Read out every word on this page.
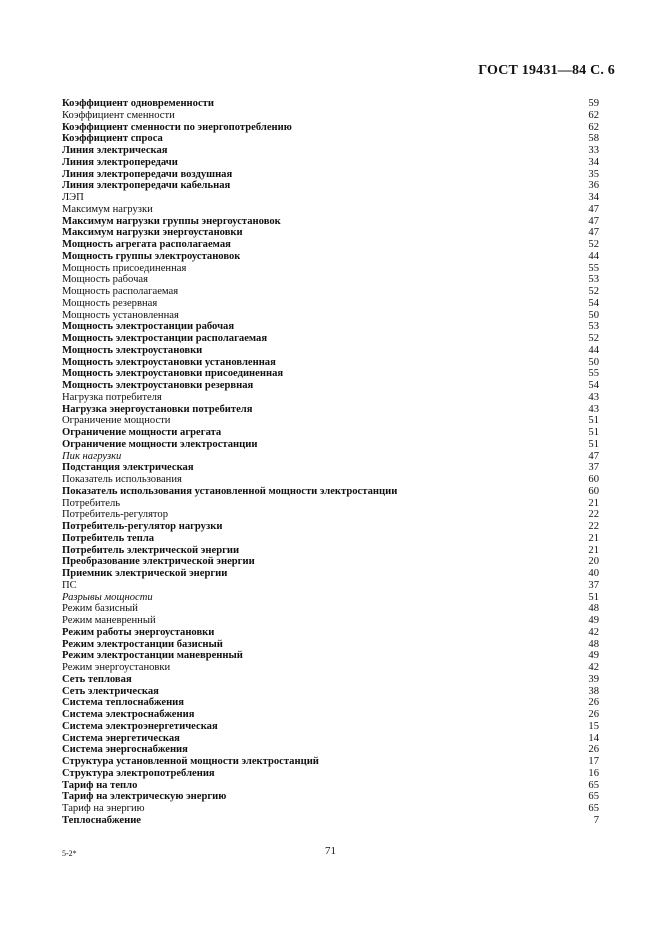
ГОСТ 19431—84 С. 6
Коэффициент одновременности	59
Коэффициент сменности	62
Коэффициент сменности по энергопотреблению	62
Коэффициент спроса	58
Линия электрическая	33
Линия электропередачи	34
Линия электропередачи воздушная	35
Линия электропередачи кабельная	36
ЛЭП	34
Максимум нагрузки	47
Максимум нагрузки группы энергоустановок	47
Максимум нагрузки энергоустановки	47
Мощность агрегата располагаемая	52
Мощность группы электроустановок	44
Мощность присоединенная	55
Мощность рабочая	53
Мощность располагаемая	52
Мощность резервная	54
Мощность установленная	50
Мощность электростанции рабочая	53
Мощность электростанции располагаемая	52
Мощность электроустановки	44
Мощность электроустановки установленная	50
Мощность электроустановки присоединенная	55
Мощность электроустановки резервная	54
Нагрузка потребителя	43
Нагрузка энергоустановки потребителя	43
Ограничение мощности	51
Ограничение мощности агрегата	51
Ограничение мощности электростанции	51
Пик нагрузки	47
Подстанция электрическая	37
Показатель использования	60
Показатель использования установленной мощности электростанции	60
Потребитель	21
Потребитель-регулятор	22
Потребитель-регулятор нагрузки	22
Потребитель тепла	21
Потребитель электрической энергии	21
Преобразование электрической энергии	20
Приемник электрической энергии	40
ПС	37
Разрывы мощности	51
Режим базисный	48
Режим маневренный	49
Режим работы энергоустановки	42
Режим электростанции базисный	48
Режим электростанции маневренный	49
Режим энергоустановки	42
Сеть тепловая	39
Сеть электрическая	38
Система теплоснабжения	26
Система электроснабжения	26
Система электроэнергетическая	15
Система энергетическая	14
Система энергоснабжения	26
Структура установленной мощности электростанций	17
Структура электропотребления	16
Тариф на тепло	65
Тариф на электрическую энергию	65
Тариф на энергию	65
Теплоснабжение	7
5-2*	71
